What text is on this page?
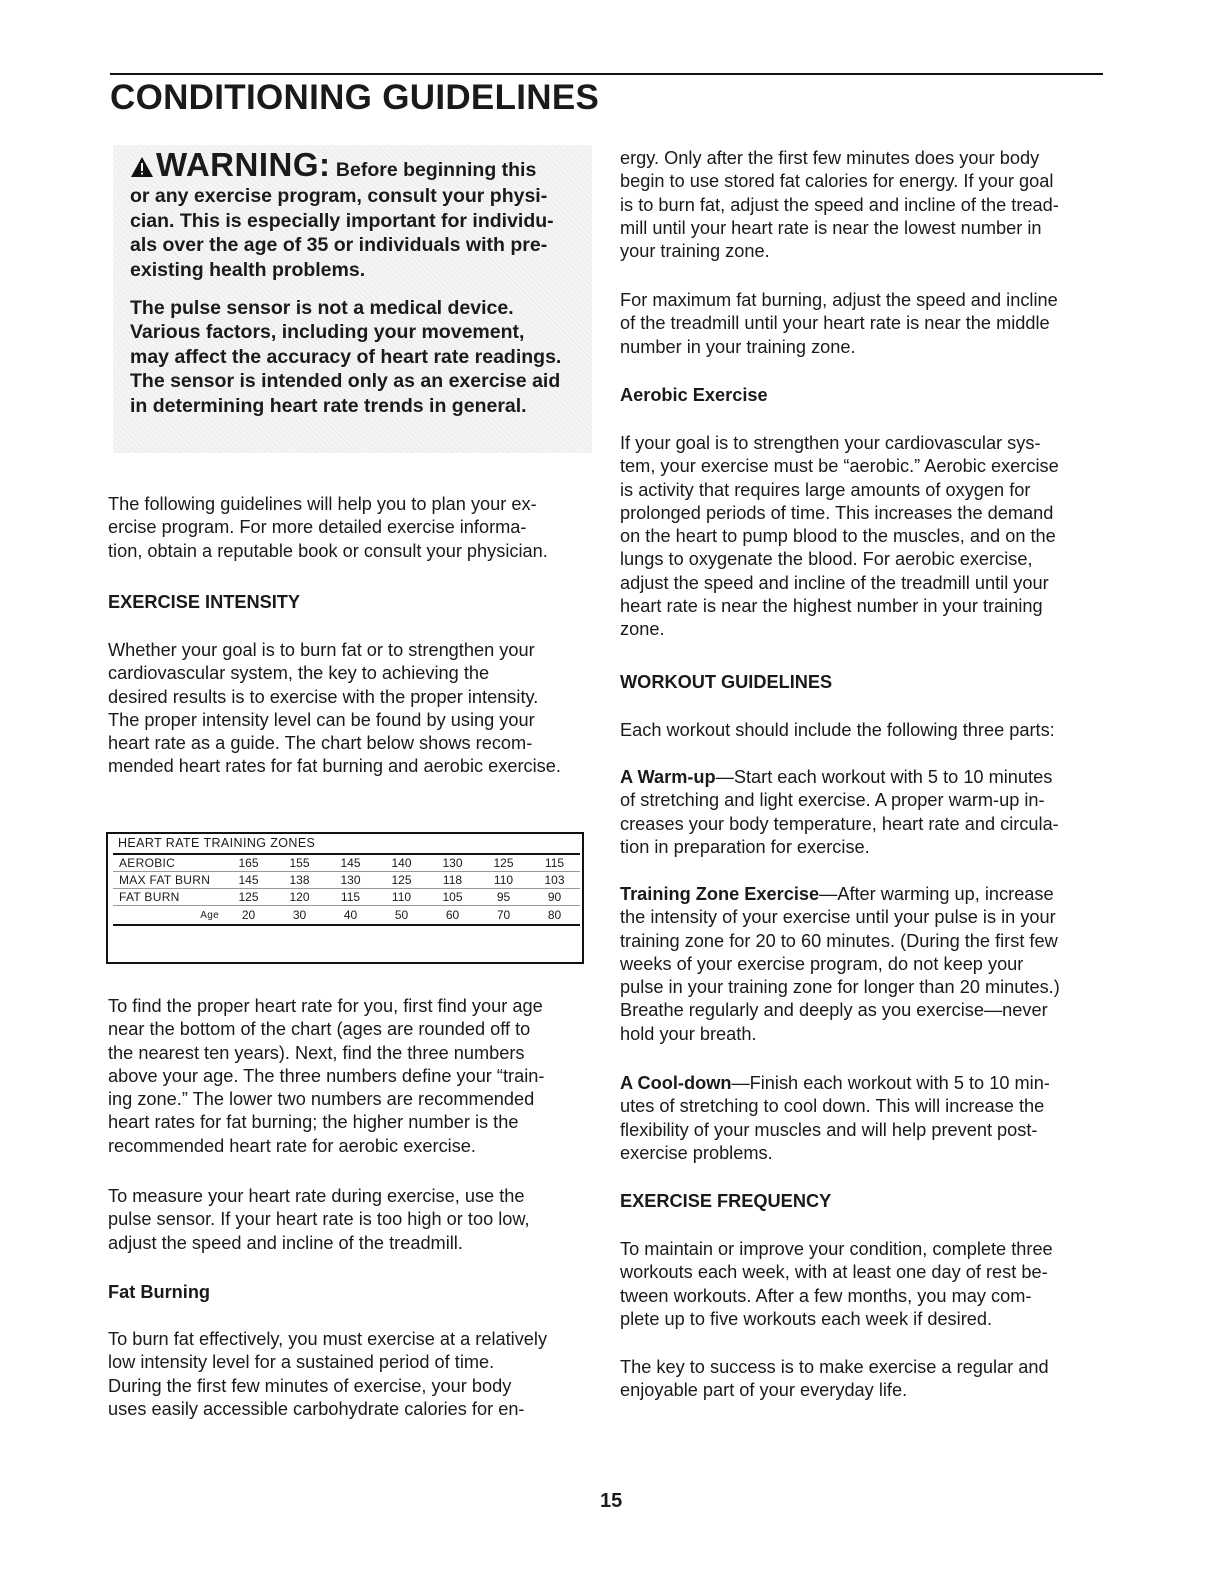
CONDITIONING GUIDELINES
WARNING: Before beginning this
or any exercise program, consult your physi-
cian. This is especially important for individu-
als over the age of 35 or individuals with pre-
existing health problems.
The pulse sensor is not a medical device.
Various factors, including your movement,
may affect the accuracy of heart rate readings.
The sensor is intended only as an exercise aid
in determining heart rate trends in general.
The following guidelines will help you to plan your ex-
ercise program. For more detailed exercise informa-
tion, obtain a reputable book or consult your physician.
EXERCISE INTENSITY
Whether your goal is to burn fat or to strengthen your
cardiovascular system, the key to achieving the
desired results is to exercise with the proper intensity.
The proper intensity level can be found by using your
heart rate as a guide. The chart below shows recom-
mended heart rates for fat burning and aerobic exercise.
HEART RATE TRAINING ZONES
AEROBIC	165	155	145	140	130	125	115
MAX FAT BURN	145	138	130	125	118	110	103
FAT BURN	125	120	115	110	105	95	90
Age	20	30	40	50	60	70	80
To find the proper heart rate for you, first find your age
near the bottom of the chart (ages are rounded off to
the nearest ten years). Next, find the three numbers
above your age. The three numbers define your “train-
ing zone.” The lower two numbers are recommended
heart rates for fat burning; the higher number is the
recommended heart rate for aerobic exercise.
To measure your heart rate during exercise, use the
pulse sensor. If your heart rate is too high or too low,
adjust the speed and incline of the treadmill.
Fat Burning
To burn fat effectively, you must exercise at a relatively
low intensity level for a sustained period of time.
During the first few minutes of exercise, your body
uses easily accessible carbohydrate calories for en-
ergy. Only after the first few minutes does your body
begin to use stored fat calories for energy. If your goal
is to burn fat, adjust the speed and incline of the tread-
mill until your heart rate is near the lowest number in
your training zone.
For maximum fat burning, adjust the speed and incline
of the treadmill until your heart rate is near the middle
number in your training zone.
Aerobic Exercise
If your goal is to strengthen your cardiovascular sys-
tem, your exercise must be “aerobic.” Aerobic exercise
is activity that requires large amounts of oxygen for
prolonged periods of time. This increases the demand
on the heart to pump blood to the muscles, and on the
lungs to oxygenate the blood. For aerobic exercise,
adjust the speed and incline of the treadmill until your
heart rate is near the highest number in your training
zone.
WORKOUT GUIDELINES
Each workout should include the following three parts:
A Warm-up—Start each workout with 5 to 10 minutes
of stretching and light exercise. A proper warm-up in-
creases your body temperature, heart rate and circula-
tion in preparation for exercise.
Training Zone Exercise—After warming up, increase
the intensity of your exercise until your pulse is in your
training zone for 20 to 60 minutes. (During the first few
weeks of your exercise program, do not keep your
pulse in your training zone for longer than 20 minutes.)
Breathe regularly and deeply as you exercise—never
hold your breath.
A Cool-down—Finish each workout with 5 to 10 min-
utes of stretching to cool down. This will increase the
flexibility of your muscles and will help prevent post-
exercise problems.
EXERCISE FREQUENCY
To maintain or improve your condition, complete three
workouts each week, with at least one day of rest be-
tween workouts. After a few months, you may com-
plete up to five workouts each week if desired.
The key to success is to make exercise a regular and
enjoyable part of your everyday life.
15
